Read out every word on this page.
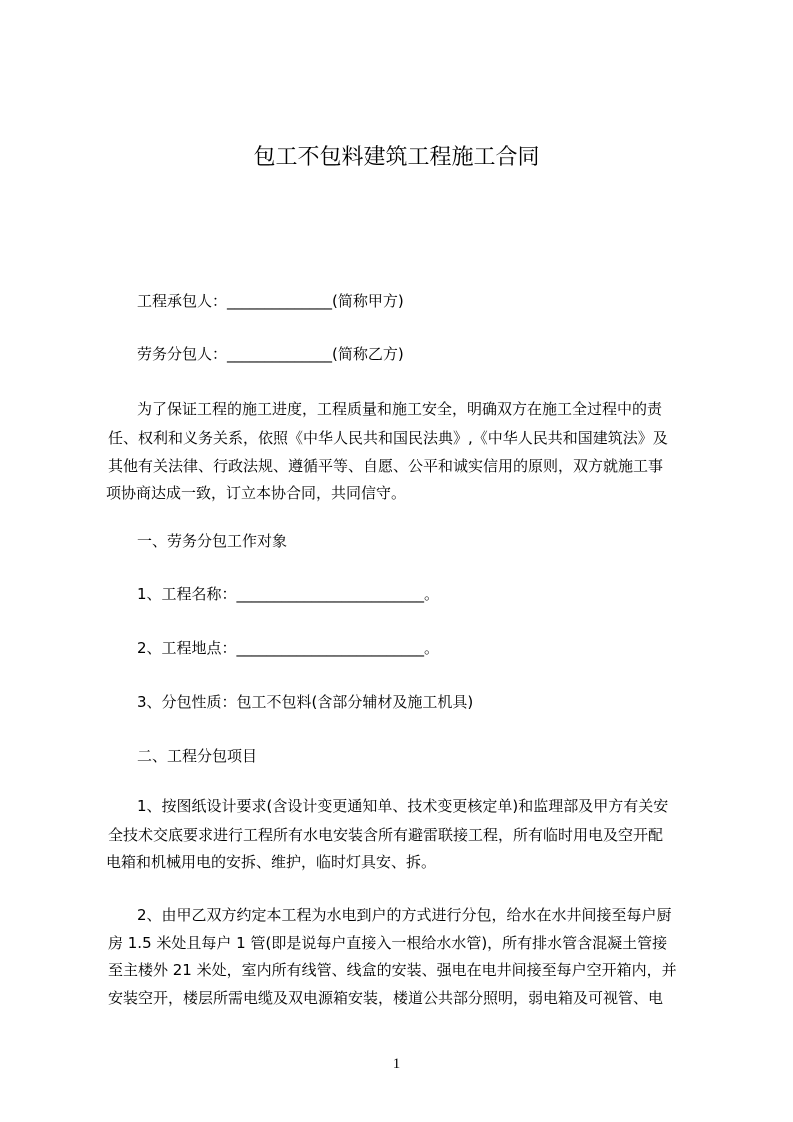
包工不包料建筑工程施工合同
工程承包人：______________(简称甲方)
劳务分包人：______________(简称乙方)
为了保证工程的施工进度，工程质量和施工安全，明确双方在施工全过程中的责
任、权利和义务关系，依照《中华人民共和国民法典》,《中华人民共和国建筑法》及
其他有关法律、行政法规、遵循平等、自愿、公平和诚实信用的原则，双方就施工事
项协商达成一致，订立本协合同，共同信守。
一、劳务分包工作对象
1、工程名称：_________________________。
2、工程地点：_________________________。
3、分包性质：包工不包料(含部分辅材及施工机具)
二、工程分包项目
1、按图纸设计要求(含设计变更通知单、技术变更核定单)和监理部及甲方有关安
全技术交底要求进行工程所有水电安装含所有避雷联接工程，所有临时用电及空开配
电箱和机械用电的安拆、维护，临时灯具安、拆。
2、由甲乙双方约定本工程为水电到户的方式进行分包，给水在水井间接至每户厨
房 1.5 米处且每户 1 管(即是说每户直接入一根给水水管)，所有排水管含混凝土管接
至主楼外 21 米处，室内所有线管、线盒的安装、强电在电井间接至每户空开箱内，并
安装空开，楼层所需电缆及双电源箱安装，楼道公共部分照明，弱电箱及可视管、电
1
